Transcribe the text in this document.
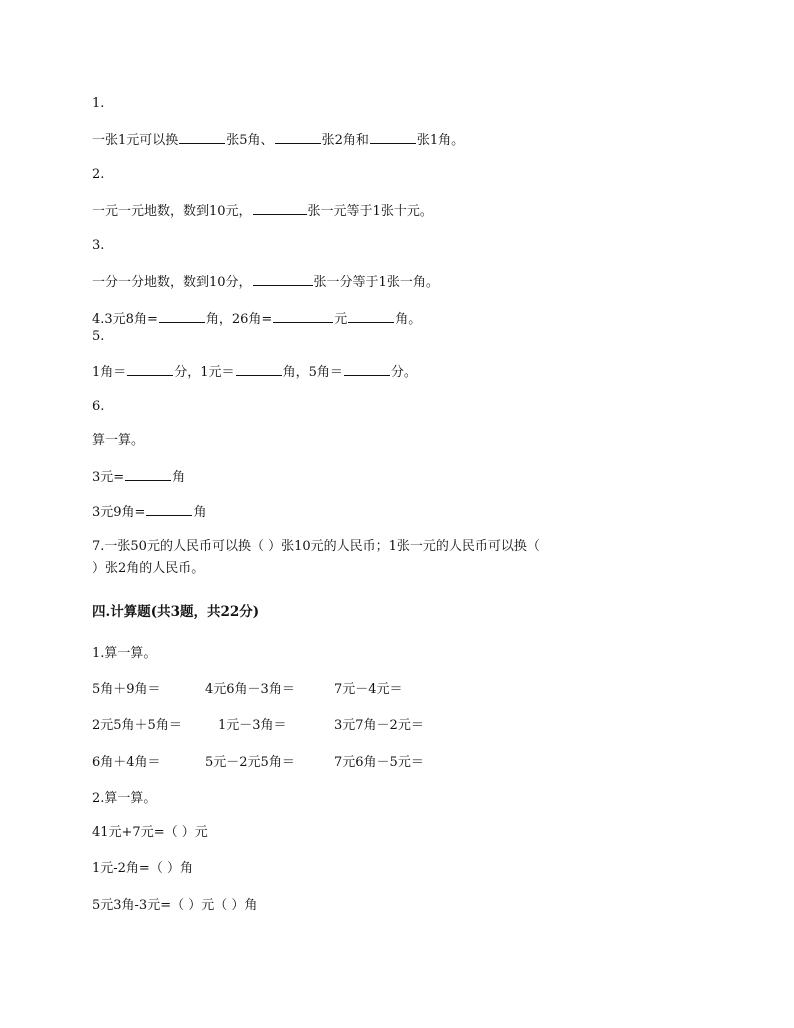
1.
一张1元可以换	张5角、	张2角和	张1角。
2.
一元一元地数，数到10元，	张一元等于1张十元。
3.
一分一分地数，数到10分，	张一分等于1张一角。
4.3元8角=	角，26角=	元	角。
5.
1角＝	分，1元＝	角，5角＝	分。
6.
算一算。
3元=	角
3元9角=	角
7.一张50元的人民币可以换（ ）张10元的人民币；1张一元的人民币可以换（
）张2角的人民币。
四.计算题(共3题，共22分)
1.算一算。
5角＋9角＝	4元6角－3角＝	7元－4元＝
2元5角＋5角＝	1元－3角＝	3元7角－2元＝
6角＋4角＝	5元－2元5角＝	7元6角－5元＝
2.算一算。
41元+7元=（ ）元
1元-2角=（ ）角
5元3角-3元=（ ）元（ ）角
